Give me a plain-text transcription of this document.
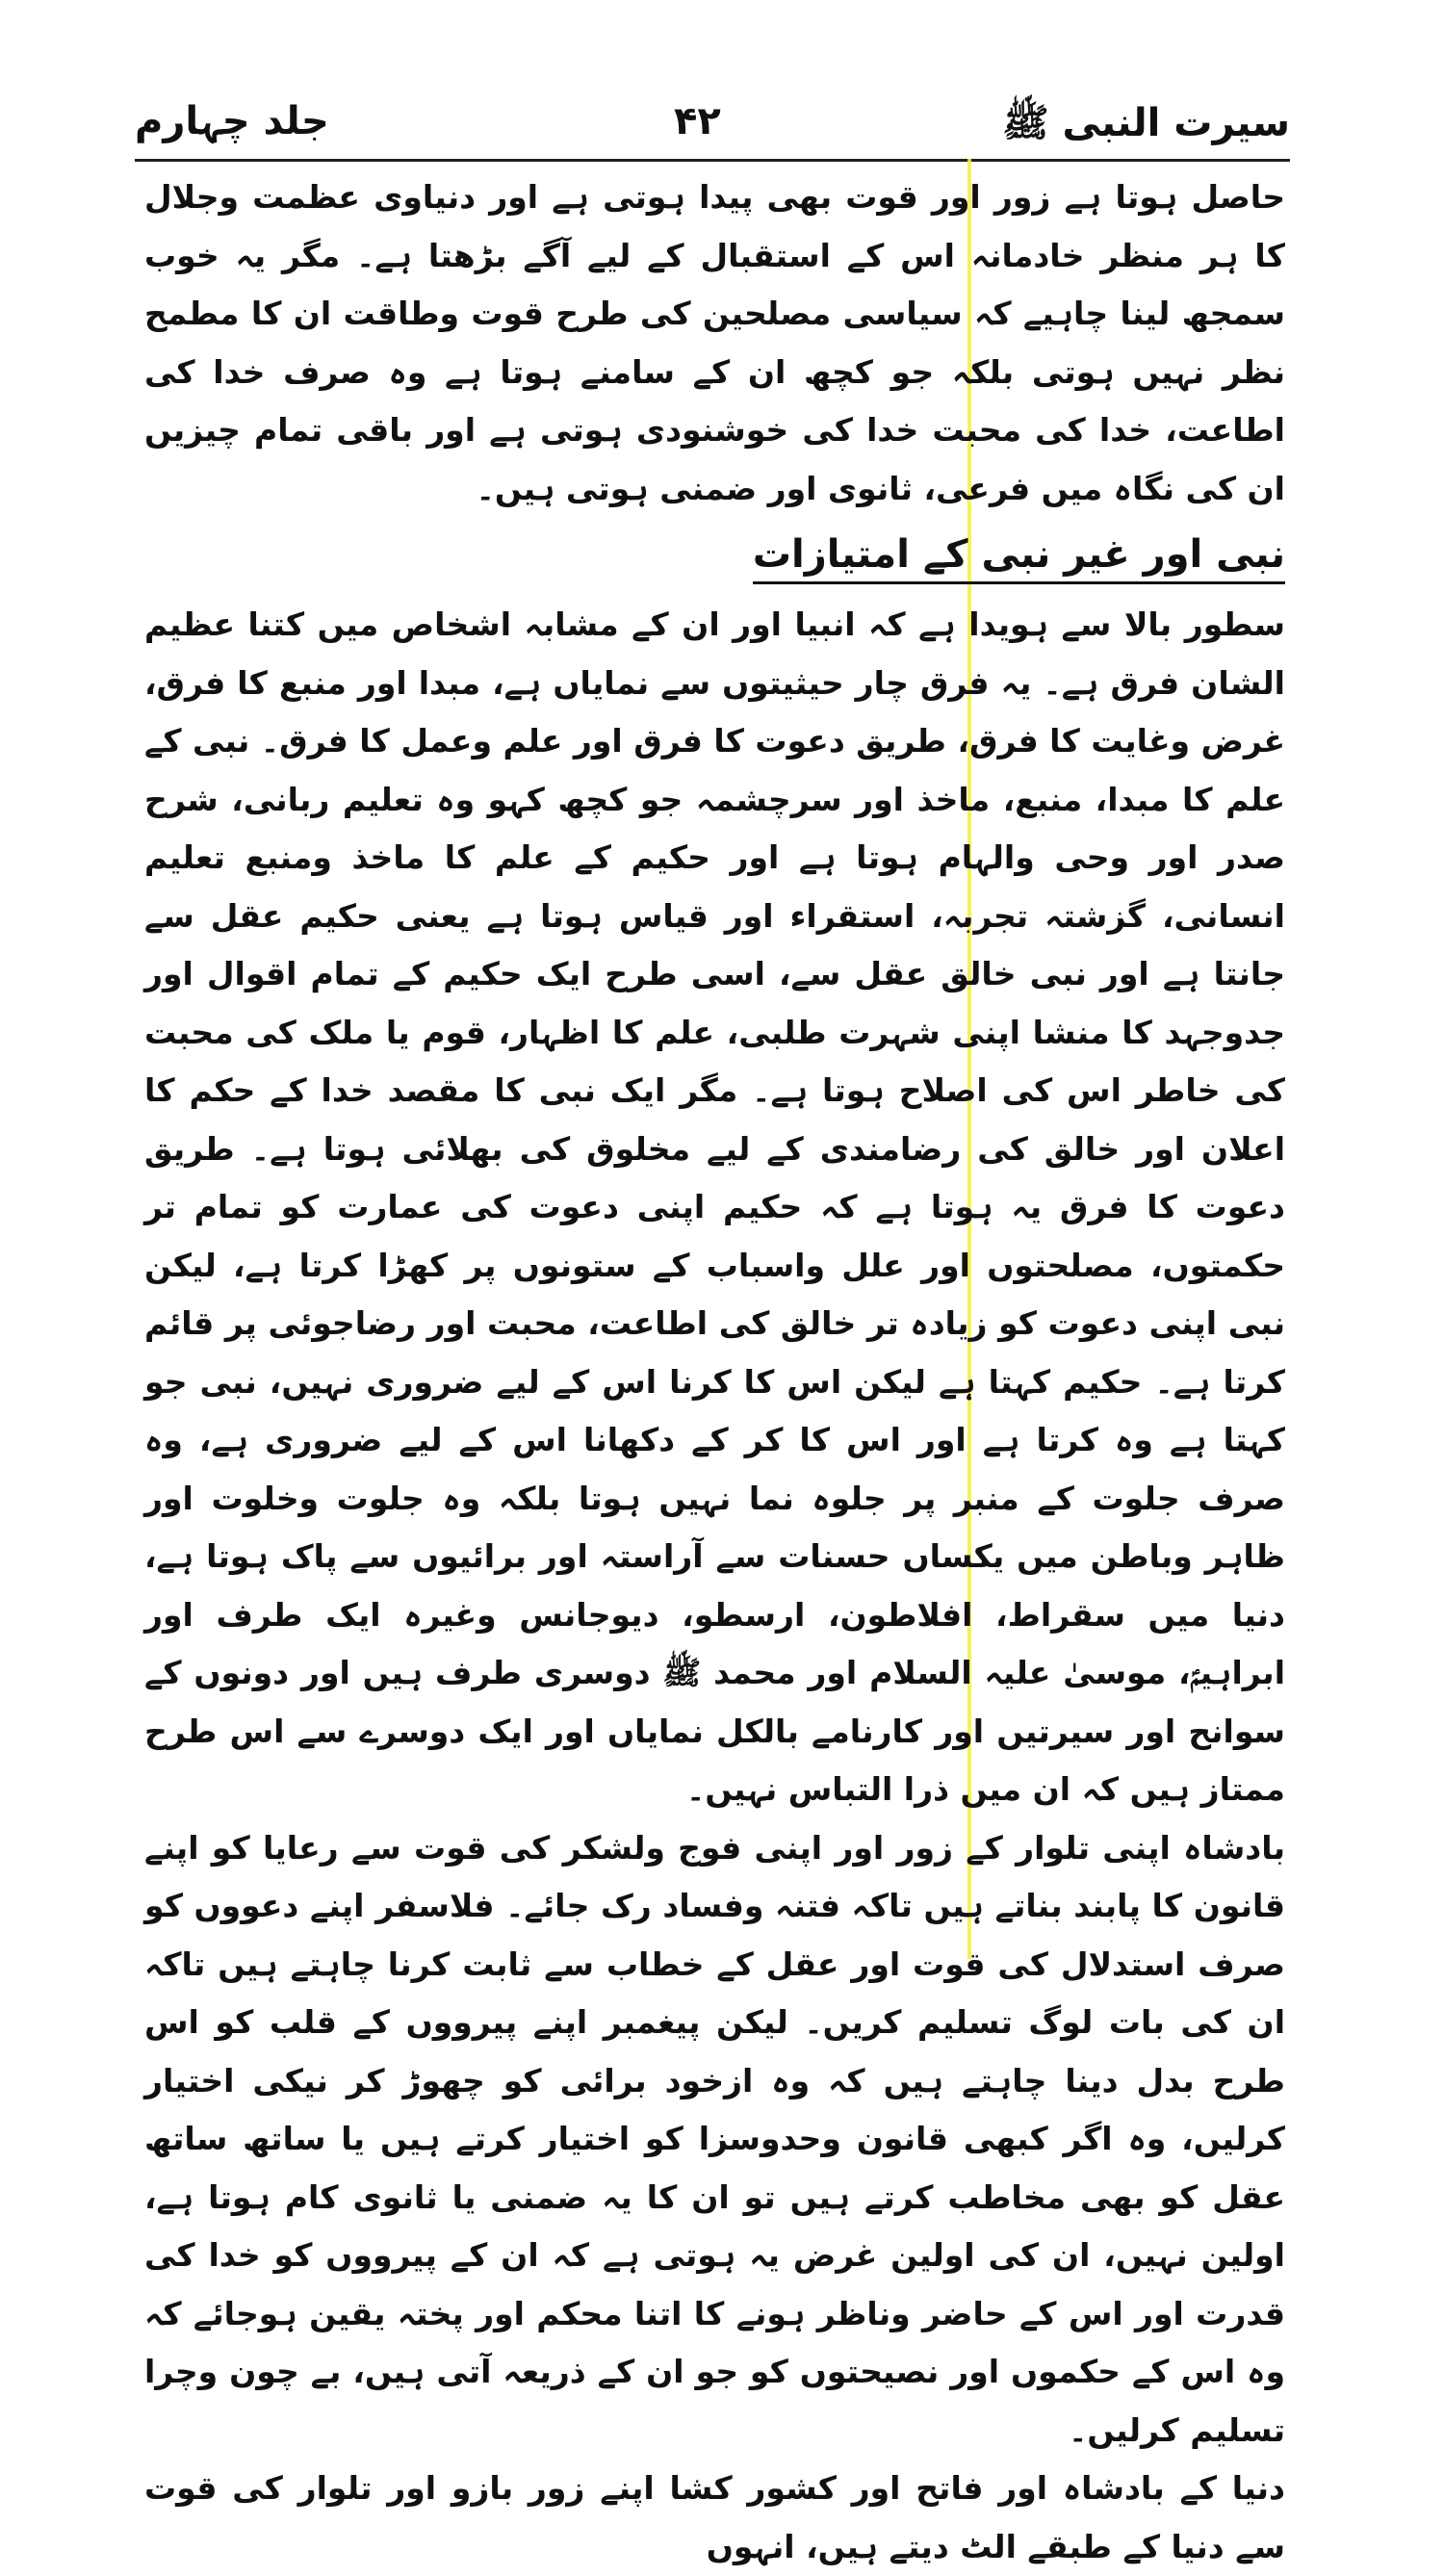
سیرت النبی ﷺ
۴۲
جلد چہارم

حاصل ہوتا ہے زور اور قوت بھی پیدا ہوتی ہے اور دنیاوی عظمت وجلال کا ہر منظر خادمانہ اس کے استقبال کے لیے آگے بڑھتا ہے۔ مگر یہ خوب سمجھ لینا چاہیے کہ سیاسی مصلحین کی طرح قوت وطاقت ان کا مطمح نظر نہیں ہوتی بلکہ جو کچھ ان کے سامنے ہوتا ہے وہ صرف خدا کی اطاعت، خدا کی محبت خدا کی خوشنودی ہوتی ہے اور باقی تمام چیزیں ان کی نگاہ میں فرعی، ثانوی اور ضمنی ہوتی ہیں۔

نبی اور غیر نبی کے امتیازات

سطور بالا سے ہویدا ہے کہ انبیا اور ان کے مشابہ اشخاص میں کتنا عظیم الشان فرق ہے۔ یہ فرق چار حیثیتوں سے نمایاں ہے، مبدا اور منبع کا فرق، غرض وغایت کا فرق، طریق دعوت کا فرق اور علم وعمل کا فرق۔ نبی کے علم کا مبدا، منبع، ماخذ اور سرچشمہ جو کچھ کہو وہ تعلیم ربانی، شرح صدر اور وحی والہام ہوتا ہے اور حکیم کے علم کا ماخذ ومنبع تعلیم انسانی، گزشتہ تجربہ، استقراء اور قیاس ہوتا ہے یعنی حکیم عقل سے جانتا ہے اور نبی خالق عقل سے، اسی طرح ایک حکیم کے تمام اقوال اور جدوجہد کا منشا اپنی شہرت طلبی، علم کا اظہار، قوم یا ملک کی محبت کی خاطر اس کی اصلاح ہوتا ہے۔ مگر ایک نبی کا مقصد خدا کے حکم کا اعلان اور خالق کی رضامندی کے لیے مخلوق کی بھلائی ہوتا ہے۔ طریق دعوت کا فرق یہ ہوتا ہے کہ حکیم اپنی دعوت کی عمارت کو تمام تر حکمتوں، مصلحتوں اور علل واسباب کے ستونوں پر کھڑا کرتا ہے، لیکن نبی اپنی دعوت کو زیادہ تر خالق کی اطاعت، محبت اور رضاجوئی پر قائم کرتا ہے۔ حکیم کہتا ہے لیکن اس کا کرنا اس کے لیے ضروری نہیں، نبی جو کہتا ہے وہ کرتا ہے اور اس کا کر کے دکھانا اس کے لیے ضروری ہے، وہ صرف جلوت کے منبر پر جلوہ نما نہیں ہوتا بلکہ وہ جلوت وخلوت اور ظاہر وباطن میں یکساں حسنات سے آراستہ اور برائیوں سے پاک ہوتا ہے، دنیا میں سقراط، افلاطون، ارسطو، دیوجانس وغیرہ ایک طرف اور ابراہیمؑ، موسیٰ علیہ السلام اور محمد ﷺ دوسری طرف ہیں اور دونوں کے سوانح اور سیرتیں اور کارنامے بالکل نمایاں اور ایک دوسرے سے اس طرح ممتاز ہیں کہ ان میں ذرا التباس نہیں۔

بادشاہ اپنی تلوار کے زور اور اپنی فوج ولشکر کی قوت سے رعایا کو اپنے قانون کا پابند بناتے ہیں تاکہ فتنہ وفساد رک جائے۔ فلاسفر اپنے دعووں کو صرف استدلال کی قوت اور عقل کے خطاب سے ثابت کرنا چاہتے ہیں تاکہ ان کی بات لوگ تسلیم کریں۔ لیکن پیغمبر اپنے پیرووں کے قلب کو اس طرح بدل دینا چاہتے ہیں کہ وہ ازخود برائی کو چھوڑ کر نیکی اختیار کرلیں، وہ اگر کبھی قانون وحدوسزا کو اختیار کرتے ہیں یا ساتھ ساتھ عقل کو بھی مخاطب کرتے ہیں تو ان کا یہ ضمنی یا ثانوی کام ہوتا ہے، اولین نہیں، ان کی اولین غرض یہ ہوتی ہے کہ ان کے پیرووں کو خدا کی قدرت اور اس کے حاضر وناظر ہونے کا اتنا محکم اور پختہ یقین ہوجائے کہ وہ اس کے حکموں اور نصیحتوں کو جو ان کے ذریعہ آتی ہیں، بے چون وچرا تسلیم کرلیں۔

دنیا کے بادشاہ اور فاتح اور کشور کشا اپنے زور بازو اور تلوار کی قوت سے دنیا کے طبقے الٹ دیتے ہیں، انہوں
